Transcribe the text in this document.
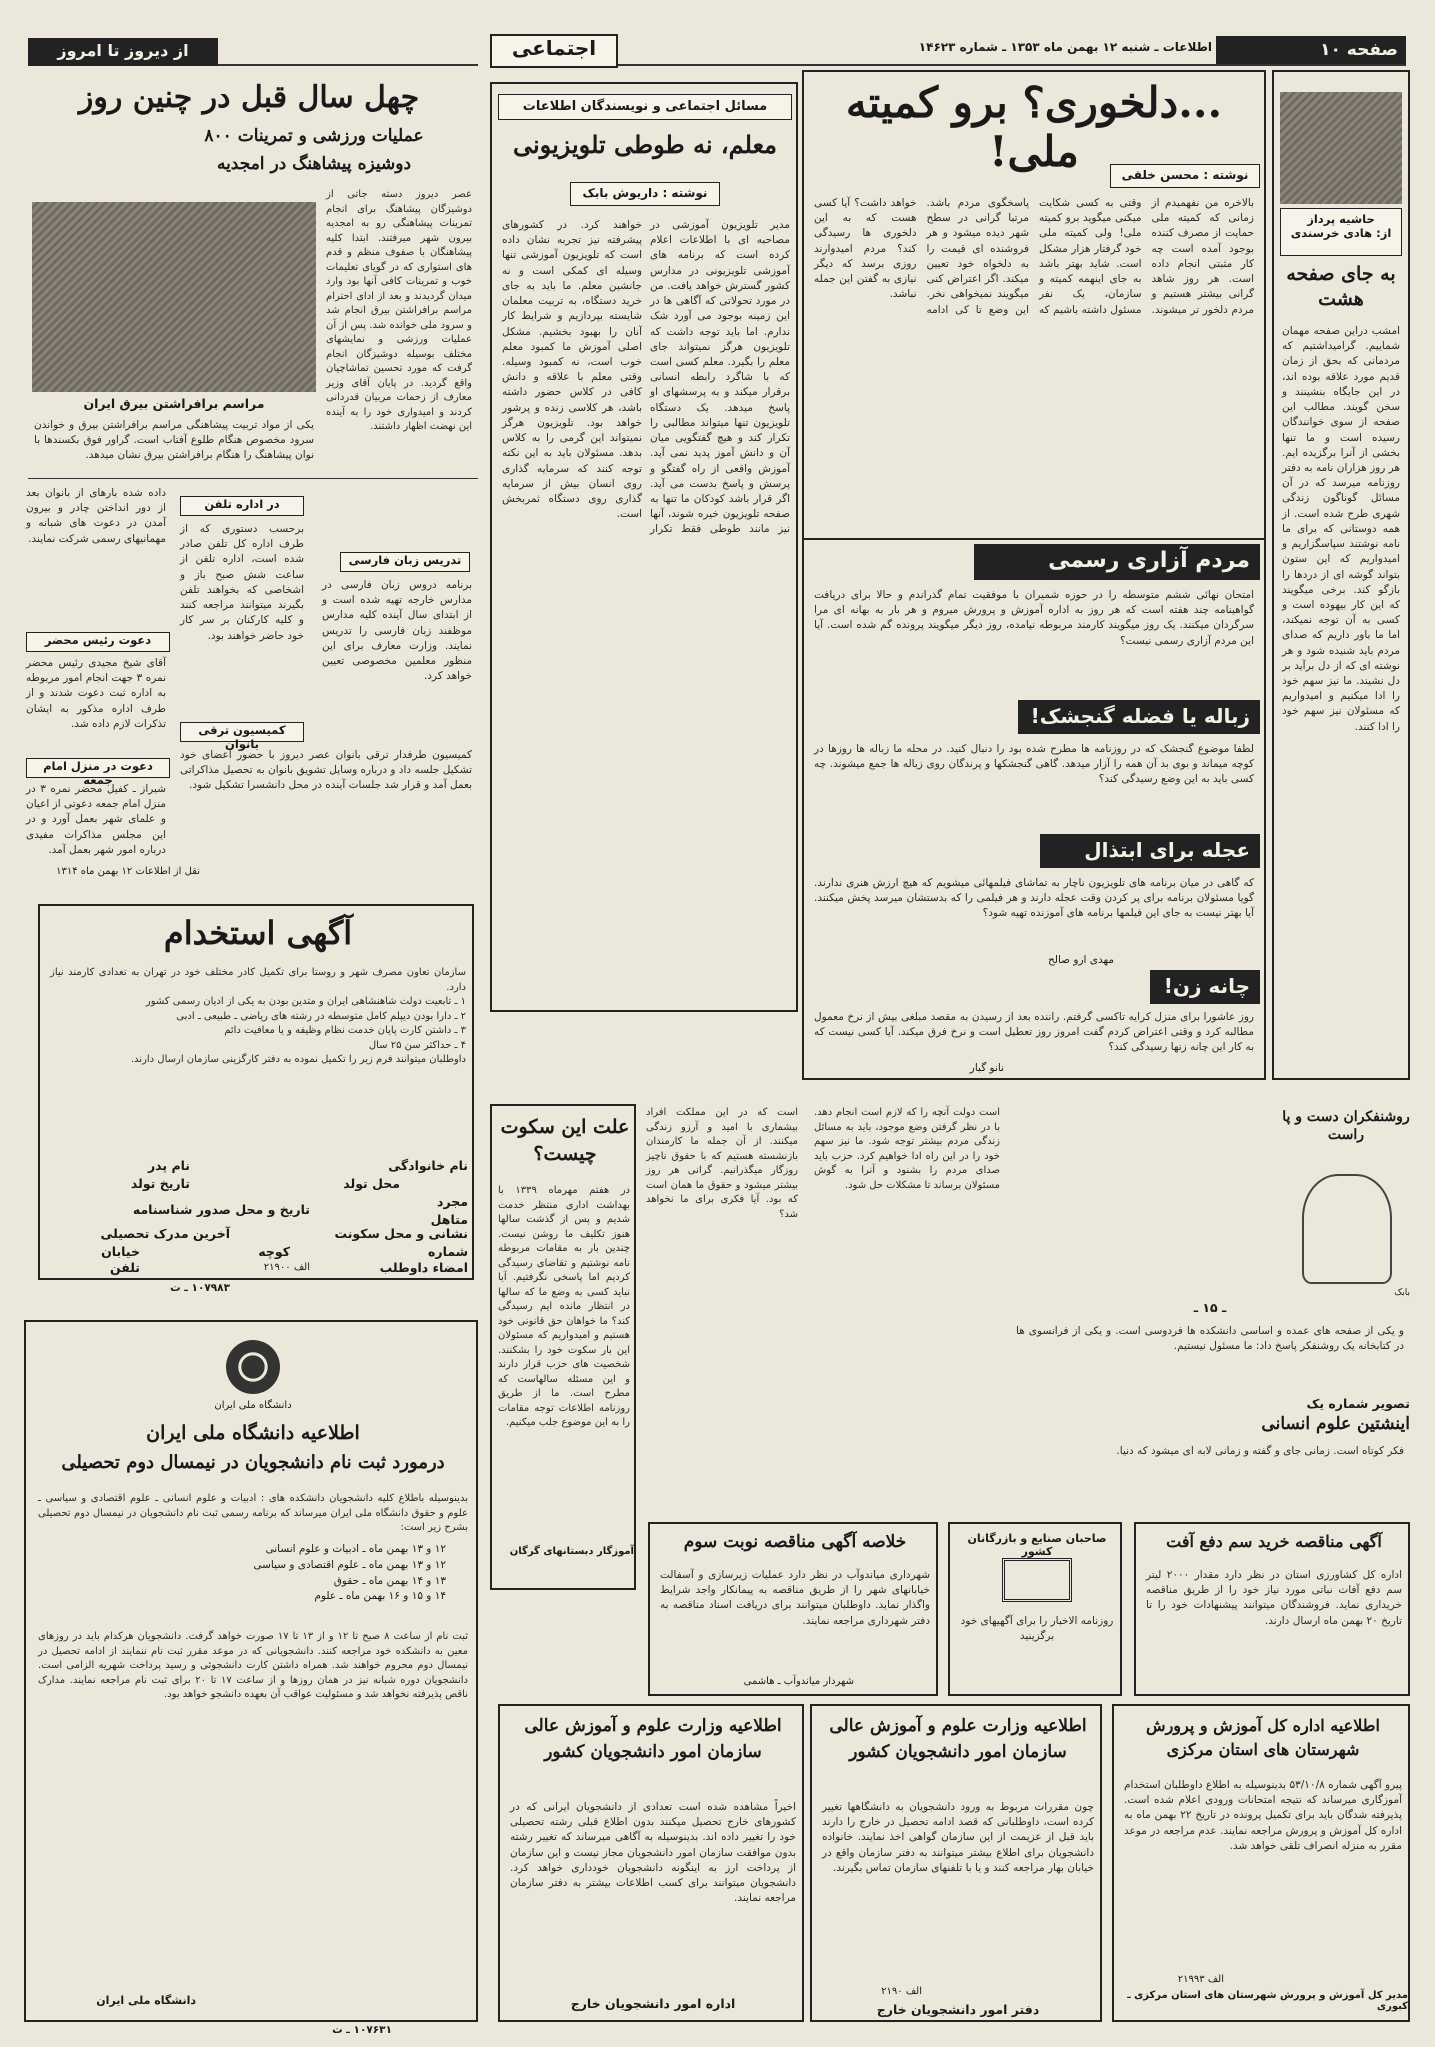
صفحه ۱۰
اطلاعات ـ شنبه ۱۲ بهمن ماه ۱۳۵۳ ـ شماره ۱۴۶۲۳
اجتماعی
از دیروز تا امروز
حاشیه پرداز
از: هادی خرسندی
به جای صفحه هشت
امشب دراین صفحه مهمان شماییم. گرامیداشتیم که مردمانی که بحق از زمان قدیم مورد علاقه بوده اند، در این جایگاه بنشینند و سخن گویند. مطالب این صفحه از سوی خوانندگان رسیده است و ما تنها بخشی از آنرا برگزیده ایم. هر روز هزاران نامه به دفتر روزنامه میرسد که در آن مسائل گوناگون زندگی شهری طرح شده است. از همه دوستانی که برای ما نامه نوشتند سپاسگزاریم و امیدواریم که این ستون بتواند گوشه ای از دردها را بازگو کند. برخی میگویند که این کار بیهوده است و کسی به آن توجه نمیکند، اما ما باور داریم که صدای مردم باید شنیده شود و هر نوشته ای که از دل برآید بر دل نشیند. ما نیز سهم خود را ادا میکنیم و امیدواریم که مسئولان نیز سهم خود را ادا کنند.
...دلخوری؟ برو کمیته ملی!	نوشته : محسن خلقی
بالاخره من نفهمیدم از زمانی که کمیته ملی حمایت از مصرف کننده بوجود آمده است چه کار مثبتی انجام داده است. هر روز شاهد گرانی بیشتر هستیم و مردم دلخور تر میشوند. وقتی به کسی شکایت میکنی میگوید برو کمیته ملی! ولی کمیته ملی خود گرفتار هزار مشکل است. شاید بهتر باشد به جای اینهمه کمیته و سازمان، یک نفر مسئول داشته باشیم که پاسخگوی مردم باشد. مرتبا گرانی در سطح شهر دیده میشود و هر فروشنده ای قیمت را به دلخواه خود تعیین میکند. اگر اعتراض کنی میگویند نمیخواهی نخر. این وضع تا کی ادامه خواهد داشت؟ آیا کسی هست که به این دلخوری ها رسیدگی کند؟ مردم امیدوارند روزی برسد که دیگر نیازی به گفتن این جمله نباشد.
مسائل اجتماعی و نویسندگان اطلاعات
معلم، نه طوطی تلویزیونی
نوشته : داریوش بابک
مدیر تلویزیون آموزشی در مصاحبه ای با اطلاعات اعلام کرده است که برنامه های آموزشی تلویزیونی در مدارس کشور گسترش خواهد یافت. من در مورد تحولاتی که آگاهی ها در این زمینه بوجود می آورد شک ندارم. اما باید توجه داشت که تلویزیون هرگز نمیتواند جای معلم را بگیرد. معلم کسی است که با شاگرد رابطه انسانی برقرار میکند و به پرسشهای او پاسخ میدهد. یک دستگاه تلویزیون تنها میتواند مطالبی را تکرار کند و هیچ گفتگویی میان آن و دانش آموز پدید نمی آید. آموزش واقعی از راه گفتگو و پرسش و پاسخ بدست می آید. اگر قرار باشد کودکان ما تنها به صفحه تلویزیون خیره شوند، آنها نیز مانند طوطی فقط تکرار خواهند کرد. در کشورهای پیشرفته نیز تجربه نشان داده است که تلویزیون آموزشی تنها وسیله ای کمکی است و نه جانشین معلم. ما باید به جای خرید دستگاه، به تربیت معلمان شایسته بپردازیم و شرایط کار آنان را بهبود بخشیم. مشکل اصلی آموزش ما کمبود معلم خوب است، نه کمبود وسیله. وقتی معلم با علاقه و دانش کافی در کلاس حضور داشته باشد، هر کلاسی زنده و پرشور خواهد بود. تلویزیون هرگز نمیتواند این گرمی را به کلاس بدهد. مسئولان باید به این نکته توجه کنند که سرمایه گذاری روی انسان بیش از سرمایه گذاری روی دستگاه ثمربخش است.
مردم آزاری رسمی
امتحان نهائی ششم متوسطه را در حوزه شمیران با موفقیت تمام گذراندم و حالا برای دریافت گواهینامه چند هفته است که هر روز به اداره آموزش و پرورش میروم و هر بار به بهانه ای مرا سرگردان میکنند. یک روز میگویند کارمند مربوطه نیامده، روز دیگر میگویند پرونده گم شده است. آیا این مردم آزاری رسمی نیست؟
زباله یا فضله گنجشک!
لطفا موضوع گنجشک که در روزنامه ها مطرح شده بود را دنبال کنید. در محله ما زباله ها روزها در کوچه میماند و بوی بد آن همه را آزار میدهد. گاهی گنجشکها و پرندگان روی زباله ها جمع میشوند. چه کسی باید به این وضع رسیدگی کند؟
عجله برای ابتذال
که گاهی در میان برنامه های تلویزیون ناچار به تماشای فیلمهائی میشویم که هیچ ارزش هنری ندارند. گویا مسئولان برنامه برای پر کردن وقت عجله دارند و هر فیلمی را که بدستشان میرسد پخش میکنند. آیا بهتر نیست به جای این فیلمها برنامه های آموزنده تهیه شود؟
مهدی ارو صالح
چانه زن!
روز عاشورا برای منزل کرایه تاکسی گرفتم. راننده بعد از رسیدن به مقصد مبلغی بیش از نرخ معمول مطالبه کرد و وقتی اعتراض کردم گفت امروز روز تعطیل است و نرخ فرق میکند. آیا کسی نیست که به کار این چانه زنها رسیدگی کند؟
نانو گبار
چهل سال قبل در چنین روز
عملیات ورزشی و تمرینات ۸۰۰
دوشیزه پیشاهنگ در امجدیه
عصر دیروز دسته جاتی از دوشیزگان پیشاهنگ برای انجام تمرینات پیشاهنگی رو به امجدیه بیرون شهر میرفتند. ابتدا کلیه پیشاهنگان با صفوف منظم و قدم های استواری که در گویای تعلیمات خوب و تمرینات کافی آنها بود وارد میدان گردیدند و بعد از ادای احترام مراسم برافراشتن بیرق انجام شد و سرود ملی خوانده شد. پس از آن عملیات ورزشی و نمایشهای مختلف بوسیله دوشیزگان انجام گرفت که مورد تحسین تماشاچیان واقع گردید. در پایان آقای وزیر معارف از زحمات مربیان قدردانی کردند و امیدواری خود را به آینده این نهضت اظهار داشتند.
مراسم برافراشتن بیرق ایران
یکی از مواد تربیت پیشاهنگی مراسم برافراشتن بیرق و خواندن سرود مخصوص هنگام طلوع آفتاب است. گراور فوق بکسندها با نوان پیشاهنگ را هنگام برافراشتن بیرق نشان میدهد.
داده شده بارهای از بانوان بعد از دور انداختن چادر و بیرون آمدن در دعوت های شبانه و مهمانیهای رسمی شرکت نمایند.
دعوت رئیس محضر
آقای شیخ مجیدی رئیس محضر نمره ۳ جهت انجام امور مربوطه به اداره ثبت دعوت شدند و از طرف اداره مذکور به ایشان تذکرات لازم داده شد.
دعوت در منزل امام جمعه
شیراز ـ کفیل محضر نمره ۳ در منزل امام جمعه دعوتی از اعیان و علمای شهر بعمل آورد و در این مجلس مذاکرات مفیدی درباره امور شهر بعمل آمد.
در اداره تلفن
برحسب دستوری که از طرف اداره کل تلفن صادر شده است، اداره تلفن از ساعت شش صبح باز و اشخاصی که بخواهند تلفن بگیرند میتوانند مراجعه کنند و کلیه کارکنان بر سر کار خود حاضر خواهند بود.
تدریس زبان فارسی
برنامه دروس زبان فارسی در مدارس خارجه تهیه شده است و از ابتدای سال آینده کلیه مدارس موظفند زبان فارسی را تدریس نمایند. وزارت معارف برای این منظور معلمین مخصوصی تعیین خواهد کرد.
کمیسیون ترقی بانوان
کمیسیون طرفدار ترقی بانوان عصر دیروز با حضور اعضای خود تشکیل جلسه داد و درباره وسایل تشویق بانوان به تحصیل مذاکراتی بعمل آمد و قرار شد جلسات آینده در محل دانشسرا تشکیل شود.
نقل از اطلاعات ۱۲ بهمن ماه ۱۳۱۴
آگهی استخدام
سازمان تعاون مصرف شهر و روستا برای تکمیل کادر مختلف خود در تهران به تعدادی کارمند نیاز دارد.
۱ ـ تابعیت دولت شاهنشاهی ایران و متدین بودن به یکی از ادیان رسمی کشور
۲ ـ دارا بودن دیپلم کامل متوسطه در رشته های ریاضی ـ طبیعی ـ ادبی
۳ ـ داشتن کارت پایان خدمت نظام وظیفه و یا معافیت دائم
۴ ـ حداکثر سن ۲۵ سال
داوطلبان میتوانند فرم زیر را تکمیل نموده به دفتر کارگزینی سازمان ارسال دارند.
نام خانوادگی
نام پدر
تاریخ تولد	محل تولد
مجرد
تاریخ و محل صدور شناسنامه
متاهل
آخرین مدرک تحصیلی	نشانی و محل سکونت
خیابان	کوچه	شماره
تلفن	امضاء داوطلب
الف ۲۱۹۰۰
۱۰۷۹۸۳ ـ ت
دانشگاه ملی ایران
اطلاعیه دانشگاه ملی ایران
درمورد ثبت نام دانشجویان در نیمسال دوم تحصیلی
بدینوسیله باطلاع کلیه دانشجویان دانشکده های : ادبیات و علوم انسانی ـ علوم اقتصادی و سیاسی ـ علوم و حقوق دانشگاه ملی ایران میرساند که برنامه رسمی ثبت نام دانشجویان در نیمسال دوم تحصیلی بشرح زیر است:
۱۲ و ۱۳ بهمن ماه ـ ادبیات و علوم انسانی
۱۲ و ۱۳ بهمن ماه ـ علوم اقتصادی و سیاسی
۱۳ و ۱۴ بهمن ماه ـ حقوق
۱۴ و ۱۵ و ۱۶ بهمن ماه ـ علوم
ثبت نام از ساعت ۸ صبح تا ۱۲ و از ۱۳ تا ۱۷ صورت خواهد گرفت. دانشجویان هرکدام باید در روزهای معین به دانشکده خود مراجعه کنند. دانشجویانی که در موعد مقرر ثبت نام ننمایند از ادامه تحصیل در نیمسال دوم محروم خواهند شد. همراه داشتن کارت دانشجوئی و رسید پرداخت شهریه الزامی است. دانشجویان دوره شبانه نیز در همان روزها و از ساعت ۱۷ تا ۲۰ برای ثبت نام مراجعه نمایند. مدارک ناقص پذیرفته نخواهد شد و مسئولیت عواقب آن بعهده دانشجو خواهد بود.
دانشگاه ملی ایران
۱۰۷۶۳۱ ـ ت
علت این سکوت چیست؟
در هفتم مهرماه ۱۳۳۹ با بهداشت اداری منتظر خدمت شدیم و پس از گذشت سالها هنوز تکلیف ما روشن نیست. چندین بار به مقامات مربوطه نامه نوشتیم و تقاضای رسیدگی کردیم اما پاسخی نگرفتیم. آیا نباید کسی به وضع ما که سالها در انتظار مانده ایم رسیدگی کند؟ ما خواهان حق قانونی خود هستیم و امیدواریم که مسئولان این بار سکوت خود را بشکنند. شخصیت های حزب قرار دارند و این مسئله سالهاست که مطرح است. ما از طریق روزنامه اطلاعات توجه مقامات را به این موضوع جلب میکنیم.
آموزگار دبستانهای گرگان
است که در این مملکت افراد بیشماری با امید و آرزو زندگی میکنند. از آن جمله ما کارمندان بازنشسته هستیم که با حقوق ناچیز روزگار میگذرانیم. گرانی هر روز بیشتر میشود و حقوق ما همان است که بود. آیا فکری برای ما نخواهد شد؟
است دولت آنچه را که لازم است انجام دهد. با در نظر گرفتن وضع موجود، باید به مسائل زندگی مردم بیشتر توجه شود. ما نیز سهم خود را در این راه ادا خواهیم کرد. حزب باید صدای مردم را بشنود و آنرا به گوش مسئولان برساند تا مشکلات حل شود.
روشنفکران دست و پا راست
بابک
ـ ۱۵ ـ
و یکی از صفحه های عمده و اساسی دانشکده ها فردوسی است. و یکی از فرانسوی ها در کتابخانه یک روشنفکر پاسخ داد: ما مسئول نیستیم.
تصویر شماره یک
اینشتین علوم انسانی
فکر کوتاه است. زمانی جای و گفته و زمانی لابه ای میشود که دنیا.
خلاصه آگهی مناقصه نوبت سوم
شهرداری میاندوآب در نظر دارد عملیات زیرسازی و آسفالت خیابانهای شهر را از طریق مناقصه به پیمانکار واجد شرایط واگذار نماید. داوطلبان میتوانند برای دریافت اسناد مناقصه به دفتر شهرداری مراجعه نمایند.
شهردار میاندوآب ـ هاشمی
صاحبان صنایع و بازرگانان کشور
روزنامه الاخبار را برای آگهیهای خود برگزینید
آگهی مناقصه خرید سم دفع آفت
اداره کل کشاورزی استان در نظر دارد مقدار ۲۰۰۰ لیتر سم دفع آفات نباتی مورد نیاز خود را از طریق مناقصه خریداری نماید. فروشندگان میتوانند پیشنهادات خود را تا تاریخ ۲۰ بهمن ماه ارسال دارند.
اطلاعیه وزارت علوم و آموزش عالی سازمان امور دانشجویان کشور
اخیراً مشاهده شده است تعدادی از دانشجویان ایرانی که در کشورهای خارج تحصیل میکنند بدون اطلاع قبلی رشته تحصیلی خود را تغییر داده اند. بدینوسیله به آگاهی میرساند که تغییر رشته بدون موافقت سازمان امور دانشجویان مجاز نیست و این سازمان از پرداخت ارز به اینگونه دانشجویان خودداری خواهد کرد. دانشجویان میتوانند برای کسب اطلاعات بیشتر به دفتر سازمان مراجعه نمایند.
اداره امور دانشجویان خارج
اطلاعیه وزارت علوم و آموزش عالی سازمان امور دانشجویان کشور
چون مقررات مربوط به ورود دانشجویان به دانشگاهها تغییر کرده است، داوطلبانی که قصد ادامه تحصیل در خارج را دارند باید قبل از عزیمت از این سازمان گواهی اخذ نمایند. خانواده دانشجویان برای اطلاع بیشتر میتوانند به دفتر سازمان واقع در خیابان بهار مراجعه کنند و یا با تلفنهای سازمان تماس بگیرند.
الف ۲۱۹۰
دفتر امور دانشجویان خارج
اطلاعیه اداره کل آموزش و پرورش شهرستان های استان مرکزی
پیرو آگهی شماره ۵۳/۱۰/۸ بدینوسیله به اطلاع داوطلبان استخدام آموزگاری میرساند که نتیجه امتحانات ورودی اعلام شده است. پذیرفته شدگان باید برای تکمیل پرونده در تاریخ ۲۲ بهمن ماه به اداره کل آموزش و پرورش مراجعه نمایند. عدم مراجعه در موعد مقرر به منزله انصراف تلقی خواهد شد.
الف ۲۱۹۹۳
مدیر کل آموزش و پرورش شهرستان های استان مرکزی ـ کبوری
